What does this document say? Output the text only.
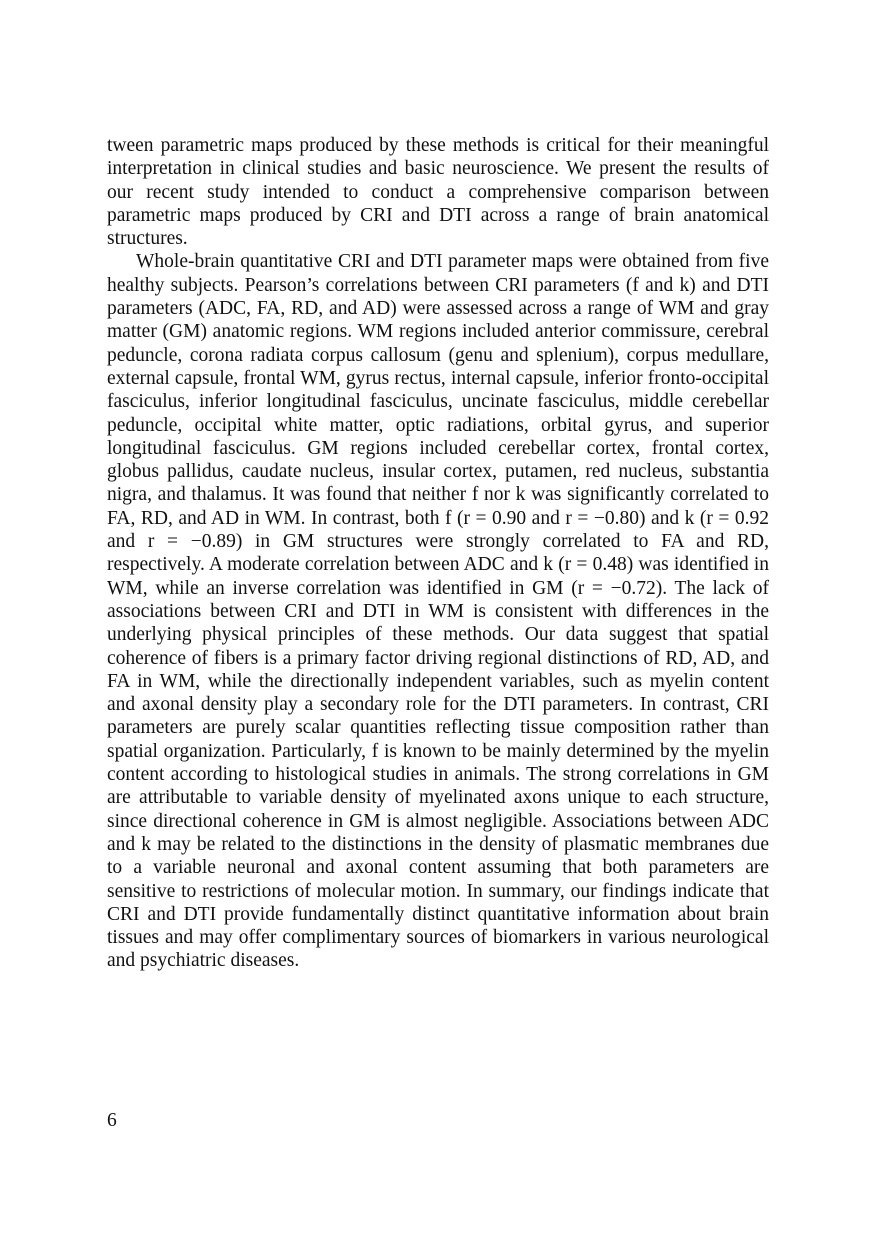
tween parametric maps produced by these methods is critical for their meaningful interpretation in clinical studies and basic neuroscience. We present the results of our recent study intended to conduct a comprehensive comparison between parametric maps produced by CRI and DTI across a range of brain anatomical structures.

Whole-brain quantitative CRI and DTI parameter maps were obtained from five healthy subjects. Pearson’s correlations between CRI parameters (f and k) and DTI parameters (ADC, FA, RD, and AD) were assessed across a range of WM and gray matter (GM) anatomic regions. WM regions included anterior commissure, cerebral peduncle, corona radiata corpus callosum (genu and splenium), corpus medullare, external capsule, frontal WM, gyrus rectus, internal capsule, inferior fronto-occipital fasciculus, inferior longitudinal fasciculus, uncinate fasciculus, middle cerebellar peduncle, occipital white matter, optic radiations, orbital gyrus, and superior longitudinal fasciculus. GM regions included cerebellar cortex, frontal cortex, globus pallidus, caudate nucleus, insular cortex, putamen, red nucleus, substantia nigra, and thalamus. It was found that neither f nor k was significantly correlated to FA, RD, and AD in WM. In contrast, both f (r = 0.90 and r = −0.80) and k (r = 0.92 and r = −0.89) in GM structures were strongly correlated to FA and RD, respectively. A moderate correlation between ADC and k (r = 0.48) was identified in WM, while an inverse correlation was identified in GM (r = −0.72). The lack of associations between CRI and DTI in WM is consistent with differences in the underlying physical principles of these methods. Our data suggest that spatial coherence of fibers is a primary factor driving regional distinctions of RD, AD, and FA in WM, while the directionally independent variables, such as myelin content and axonal density play a secondary role for the DTI parameters. In contrast, CRI parameters are purely scalar quantities reflecting tissue composition rather than spatial organization. Particularly, f is known to be mainly determined by the myelin content according to histological studies in animals. The strong correlations in GM are attributable to variable density of myelinated axons unique to each structure, since directional coherence in GM is almost negligible. Associations between ADC and k may be related to the distinctions in the density of plasmatic membranes due to a variable neuronal and axonal content assuming that both parameters are sensitive to restrictions of molecular motion. In summary, our findings indicate that CRI and DTI provide fundamentally distinct quantitative information about brain tissues and may offer complimentary sources of biomarkers in various neurological and psychiatric diseases.

6
